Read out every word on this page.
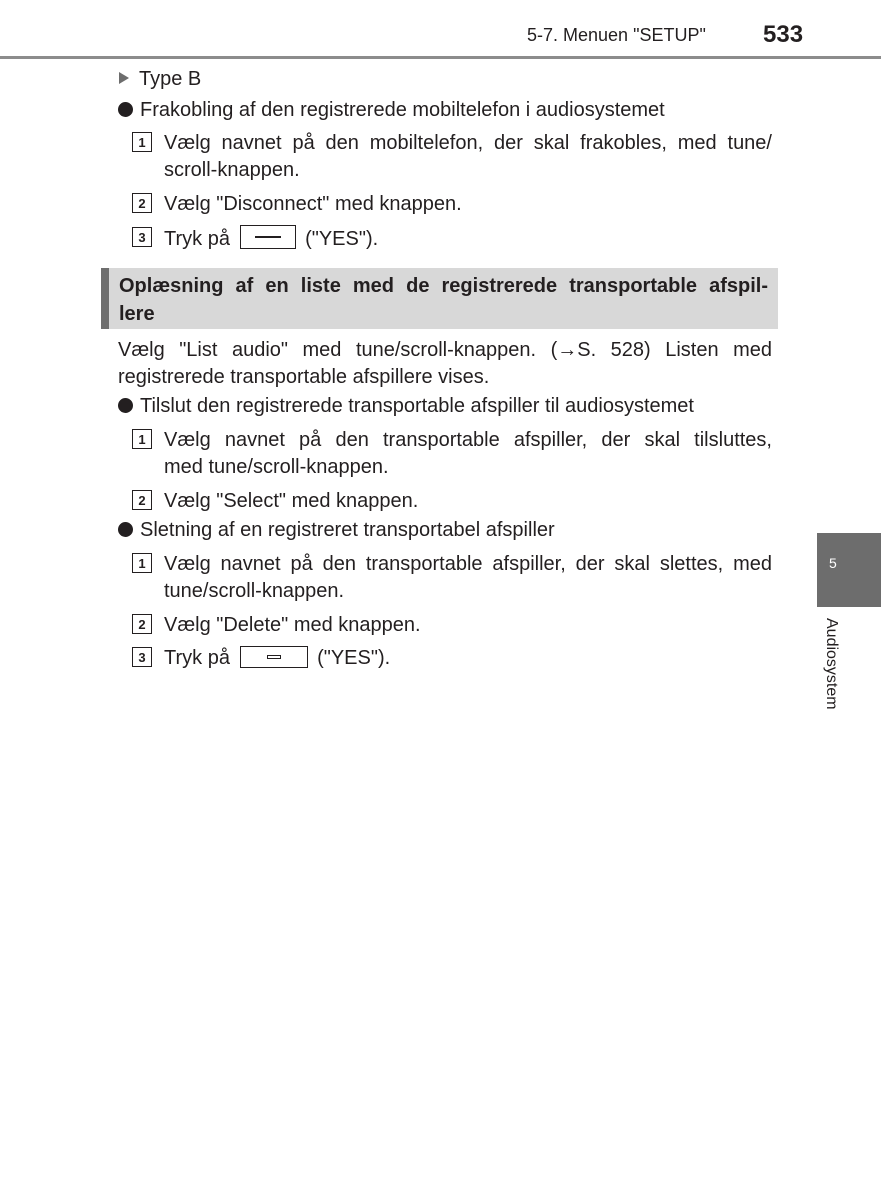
5-7. Menuen "SETUP" 533
Type B
Frakobling af den registrerede mobiltelefon i audiosystemet
1 Vælg navnet på den mobiltelefon, der skal frakobles, med tune/
scroll-knappen.
2 Vælg "Disconnect" med knappen.
3 Tryk på	("YES").
Oplæsning af en liste med de registrerede transportable afspil-
lere
Vælg "List audio" med tune/scroll-knappen. (→S. 528) Listen med
registrerede transportable afspillere vises.
Tilslut den registrerede transportable afspiller til audiosystemet
1 Vælg navnet på den transportable afspiller, der skal tilsluttes,
med tune/scroll-knappen.
2 Vælg "Select" med knappen.
Sletning af en registreret transportabel afspiller
1 Vælg navnet på den transportable afspiller, der skal slettes, med
tune/scroll-knappen.
2 Vælg "Delete" med knappen.
3 Tryk på	("YES").
5
Audiosystem
